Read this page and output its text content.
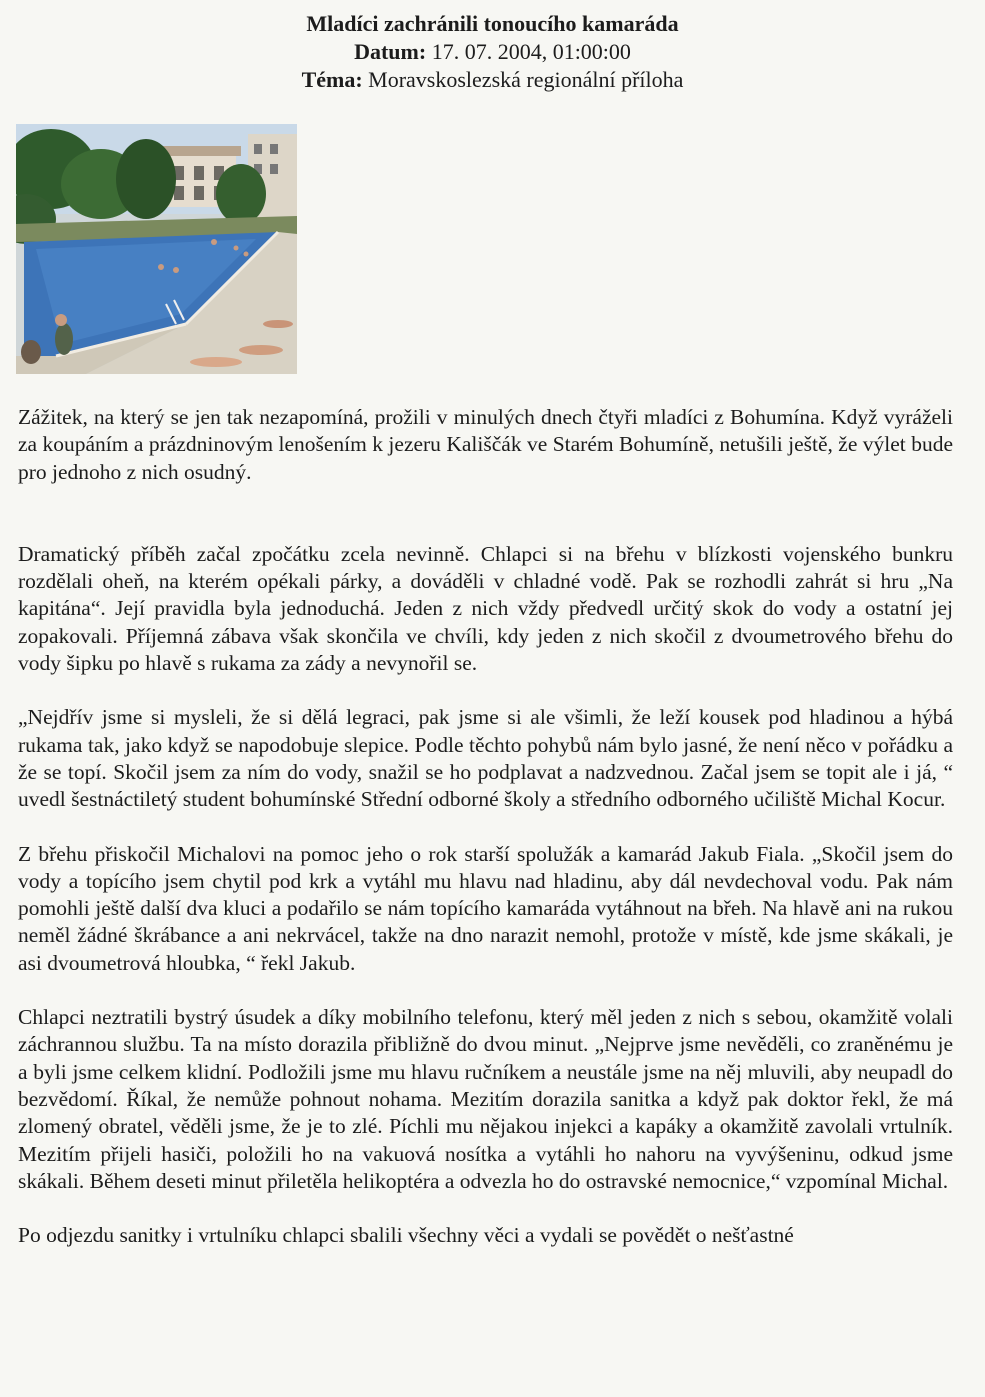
Mladíci zachránili tonoucího kamaráda
Datum: 17. 07. 2004, 01:00:00
Téma: Moravskoslezská regionální příloha

Zážitek, na který se jen tak nezapomíná, prožili v minulých dnech čtyři mladíci z Bohumína. Když vyráželi za koupáním a prázdninovým lenošením k jezeru Kališčák ve Starém Bohumíně, netušili ještě, že výlet bude pro jednoho z nich osudný.

Dramatický příběh začal zpočátku zcela nevinně. Chlapci si na břehu v blízkosti vojenského bunkru rozdělali oheň, na kterém opékali párky, a dováděli v chladné vodě. Pak se rozhodli zahrát si hru „Na kapitána“. Její pravidla byla jednoduchá. Jeden z nich vždy předvedl určitý skok do vody a ostatní jej zopakovali. Příjemná zábava však skončila ve chvíli, kdy jeden z nich skočil z dvoumetrového břehu do vody šipku po hlavě s rukama za zády a nevynořil se.

„Nejdřív jsme si mysleli, že si dělá legraci, pak jsme si ale všimli, že leží kousek pod hladinou a hýbá rukama tak, jako když se napodobuje slepice. Podle těchto pohybů nám bylo jasné, že není něco v pořádku a že se topí. Skočil jsem za ním do vody, snažil se ho podplavat a nadzvednou. Začal jsem se topit ale i já, “ uvedl šestnáctiletý student bohumínské Střední odborné školy a středního odborného učiliště Michal Kocur.

Z břehu přiskočil Michalovi na pomoc jeho o rok starší spolužák a kamarád Jakub Fiala. „Skočil jsem do vody a topícího jsem chytil pod krk a vytáhl mu hlavu nad hladinu, aby dál nevdechoval vodu. Pak nám pomohli ještě další dva kluci a podařilo se nám topícího kamaráda vytáhnout na břeh. Na hlavě ani na rukou neměl žádné škrábance a ani nekrvácel, takže na dno narazit nemohl, protože v místě, kde jsme skákali, je asi dvoumetrová hloubka, “ řekl Jakub.

Chlapci neztratili bystrý úsudek a díky mobilního telefonu, který měl jeden z nich s sebou, okamžitě volali záchrannou službu. Ta na místo dorazila přibližně do dvou minut. „Nejprve jsme nevěděli, co zraněnému je a byli jsme celkem klidní. Podložili jsme mu hlavu ručníkem a neustále jsme na něj mluvili, aby neupadl do bezvědomí. Říkal, že nemůže pohnout nohama. Mezitím dorazila sanitka a když pak doktor řekl, že má zlomený obratel, věděli jsme, že je to zlé. Píchli mu nějakou injekci a kapáky a okamžitě zavolali vrtulník. Mezitím přijeli hasiči, položili ho na vakuová nosítka a vytáhli ho nahoru na vyvýšeninu, odkud jsme skákali. Během deseti minut přiletěla helikoptéra a odvezla ho do ostravské nemocnice,“ vzpomínal Michal.

Po odjezdu sanitky i vrtulníku chlapci sbalili všechny věci a vydali se povědět o nešťastné
